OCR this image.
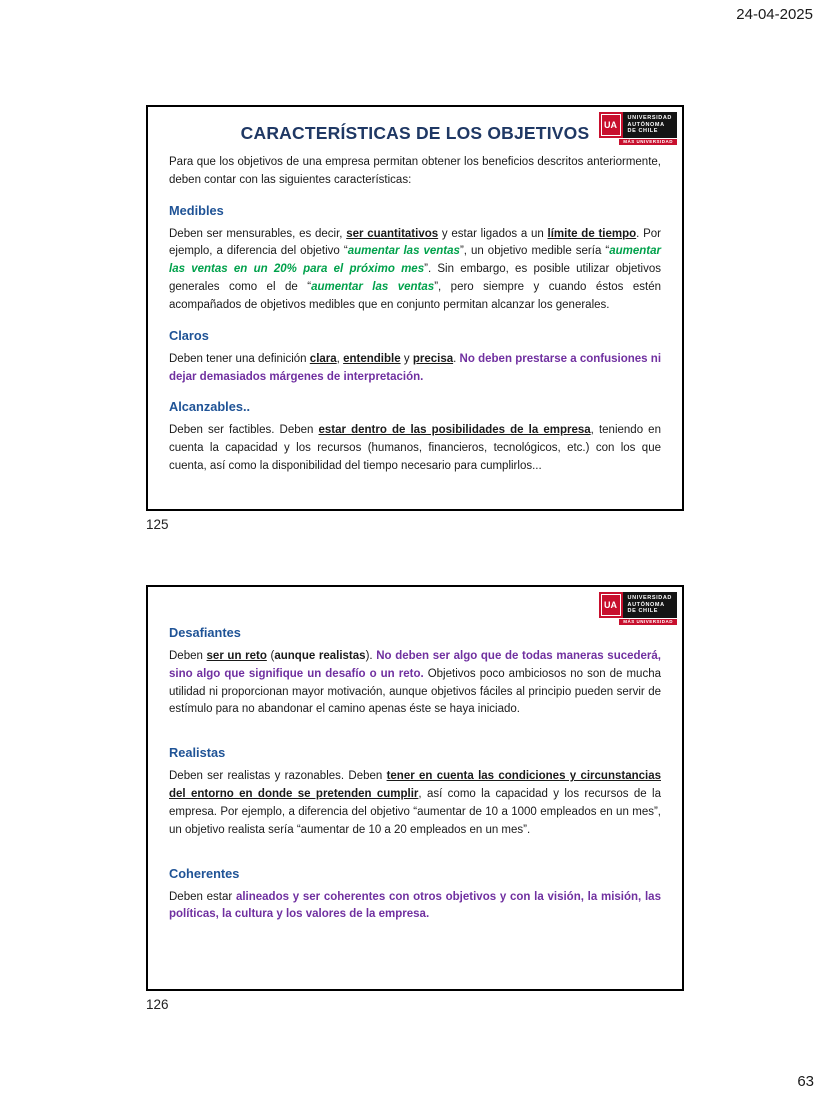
24-04-2025
UA
UNIVERSIDAD
AUTÓNOMA
DE CHILE
MÁS UNIVERSIDAD
CARACTERÍSTICAS DE LOS OBJETIVOS

Para que los objetivos de una empresa permitan obtener los beneficios descritos anteriormente, deben contar con las siguientes características:

Medibles

Deben ser mensurables, es decir, ser cuantitativos y estar ligados a un límite de tiempo. Por ejemplo, a diferencia del objetivo “aumentar las ventas”, un objetivo medible sería “aumentar las ventas en un 20% para el próximo mes”. Sin embargo, es posible utilizar objetivos generales como el de “aumentar las ventas”, pero siempre y cuando éstos estén acompañados de objetivos medibles que en conjunto permitan alcanzar los generales.

Claros

Deben tener una definición clara, entendible y precisa. No deben prestarse a confusiones ni dejar demasiados márgenes de interpretación.

Alcanzables..

Deben ser factibles. Deben estar dentro de las posibilidades de la empresa, teniendo en cuenta la capacidad y los recursos (humanos, financieros, tecnológicos, etc.) con los que cuenta, así como la disponibilidad del tiempo necesario para cumplirlos...

125
UA
UNIVERSIDAD
AUTÓNOMA
DE CHILE
MÁS UNIVERSIDAD
Desafiantes

Deben ser un reto (aunque realistas). No deben ser algo que de todas maneras sucederá, sino algo que signifique un desafío o un reto. Objetivos poco ambiciosos no son de mucha utilidad ni proporcionan mayor motivación, aunque objetivos fáciles al principio pueden servir de estímulo para no abandonar el camino apenas éste se haya iniciado.

Realistas

Deben ser realistas y razonables. Deben tener en cuenta las condiciones y circunstancias del entorno en donde se pretenden cumplir, así como la capacidad y los recursos de la empresa. Por ejemplo, a diferencia del objetivo “aumentar de 10 a 1000 empleados en un mes”, un objetivo realista sería “aumentar de 10 a 20 empleados en un mes”.

Coherentes

Deben estar alineados y ser coherentes con otros objetivos y con la visión, la misión, las políticas, la cultura y los valores de la empresa.

126
63
